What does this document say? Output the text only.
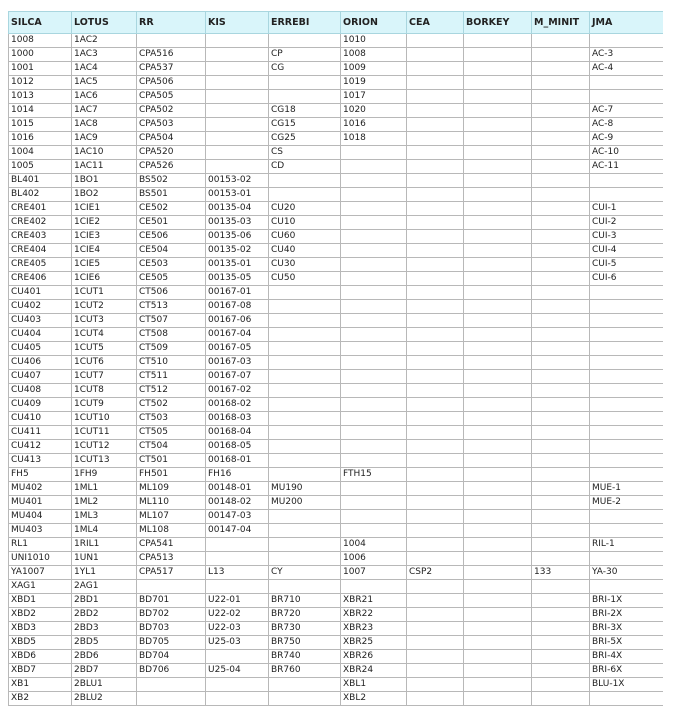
SILCA	LOTUS	RR	KIS	ERREBI	ORION	CEA	BORKEY	M_MINIT	JMA
1008	1AC2				1010				
1000	1AC3	CPA516		CP	1008				AC-3
1001	1AC4	CPA537		CG	1009				AC-4
1012	1AC5	CPA506			1019				
1013	1AC6	CPA505			1017				
1014	1AC7	CPA502		CG18	1020				AC-7
1015	1AC8	CPA503		CG15	1016				AC-8
1016	1AC9	CPA504		CG25	1018				AC-9
1004	1AC10	CPA520		CS					AC-10
1005	1AC11	CPA526		CD					AC-11
BL401	1BO1	BS502	00153-02						
BL402	1BO2	BS501	00153-01						
CRE401	1CIE1	CE502	00135-04	CU20					CUI-1
CRE402	1CIE2	CE501	00135-03	CU10					CUI-2
CRE403	1CIE3	CE506	00135-06	CU60					CUI-3
CRE404	1CIE4	CE504	00135-02	CU40					CUI-4
CRE405	1CIE5	CE503	00135-01	CU30					CUI-5
CRE406	1CIE6	CE505	00135-05	CU50					CUI-6
CU401	1CUT1	CT506	00167-01						
CU402	1CUT2	CT513	00167-08						
CU403	1CUT3	CT507	00167-06						
CU404	1CUT4	CT508	00167-04						
CU405	1CUT5	CT509	00167-05						
CU406	1CUT6	CT510	00167-03						
CU407	1CUT7	CT511	00167-07						
CU408	1CUT8	CT512	00167-02						
CU409	1CUT9	CT502	00168-02						
CU410	1CUT10	CT503	00168-03						
CU411	1CUT11	CT505	00168-04						
CU412	1CUT12	CT504	00168-05						
CU413	1CUT13	CT501	00168-01						
FH5	1FH9	FH501	FH16		FTH15				
MU402	1ML1	ML109	00148-01	MU190					MUE-1
MU401	1ML2	ML110	00148-02	MU200					MUE-2
MU404	1ML3	ML107	00147-03						
MU403	1ML4	ML108	00147-04						
RL1	1RIL1	CPA541			1004				RIL-1
UNI1010	1UN1	CPA513			1006				
YA1007	1YL1	CPA517	L13	CY	1007	CSP2		133	YA-30
XAG1	2AG1								
XBD1	2BD1	BD701	U22-01	BR710	XBR21				BRI-1X
XBD2	2BD2	BD702	U22-02	BR720	XBR22				BRI-2X
XBD3	2BD3	BD703	U22-03	BR730	XBR23				BRI-3X
XBD5	2BD5	BD705	U25-03	BR750	XBR25				BRI-5X
XBD6	2BD6	BD704		BR740	XBR26				BRI-4X
XBD7	2BD7	BD706	U25-04	BR760	XBR24				BRI-6X
XB1	2BLU1				XBL1				BLU-1X
XB2	2BLU2				XBL2				
